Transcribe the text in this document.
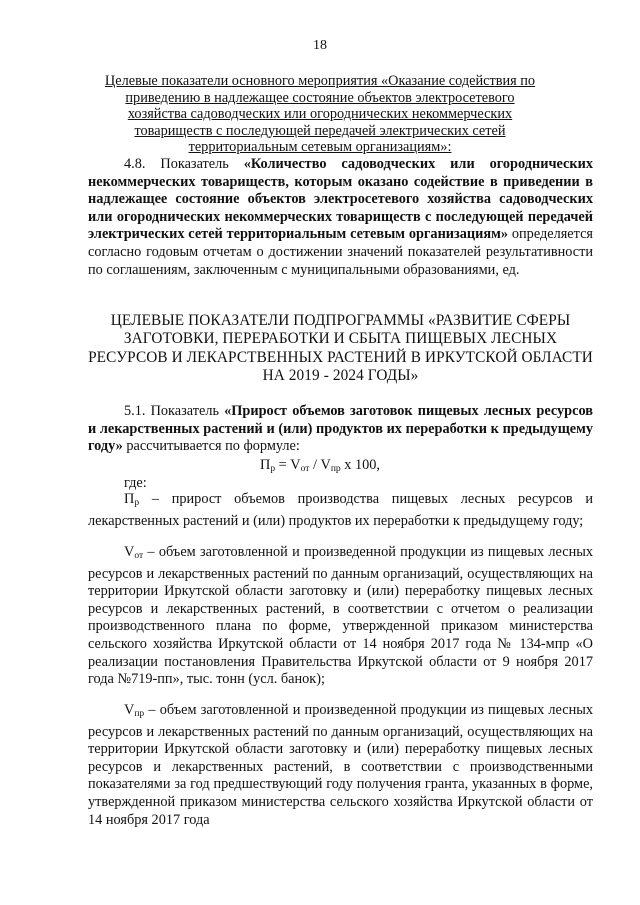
18
Целевые показатели основного мероприятия «Оказание содействия по приведению в надлежащее состояние объектов электросетевого хозяйства садоводческих или огороднических некоммерческих товариществ с последующей передачей электрических сетей территориальным сетевым организациям»:

4.8. Показатель «Количество садоводческих или огороднических некоммерческих товариществ, которым оказано содействие в приведении в надлежащее состояние объектов электросетевого хозяйства садоводческих или огороднических некоммерческих товариществ с последующей передачей электрических сетей территориальным сетевым организациям» определяется согласно годовым отчетам о достижении значений показателей результативности по соглашениям, заключенным с муниципальными образованиями, ед.

ЦЕЛЕВЫЕ ПОКАЗАТЕЛИ ПОДПРОГРАММЫ «РАЗВИТИЕ СФЕРЫ ЗАГОТОВКИ, ПЕРЕРАБОТКИ И СБЫТА ПИЩЕВЫХ ЛЕСНЫХ РЕСУРСОВ И ЛЕКАРСТВЕННЫХ РАСТЕНИЙ В ИРКУТСКОЙ ОБЛАСТИ НА 2019 - 2024 ГОДЫ»

5.1. Показатель «Прирост объемов заготовок пищевых лесных ресурсов и лекарственных растений и (или) продуктов их переработки к предыдущему году» рассчитывается по формуле:

$П_р = V_{от} / V_{пр}$ х 100,
где:

$П_р$ – прирост объемов производства пищевых лесных ресурсов и лекарственных растений и (или) продуктов их переработки к предыдущему году;

$V_{от}$ – объем заготовленной и произведенной продукции из пищевых лесных ресурсов и лекарственных растений по данным организаций, осуществляющих на территории Иркутской области заготовку и (или) переработку пищевых лесных ресурсов и лекарственных растений, в соответствии с отчетом о реализации производственного плана по форме, утвержденной приказом министерства сельского хозяйства Иркутской области от 14 ноября 2017 года № 134-мпр «О реализации постановления Правительства Иркутской области от 9 ноября 2017 года №719-пп», тыс. тонн (усл. банок);

$V_{пр}$ – объем заготовленной и произведенной продукции из пищевых лесных ресурсов и лекарственных растений по данным организаций, осуществляющих на территории Иркутской области заготовку и (или) переработку пищевых лесных ресурсов и лекарственных растений, в соответствии с производственными показателями за год предшествующий году получения гранта, указанных в форме, утвержденной приказом министерства сельского хозяйства Иркутской области от 14 ноября 2017 года
